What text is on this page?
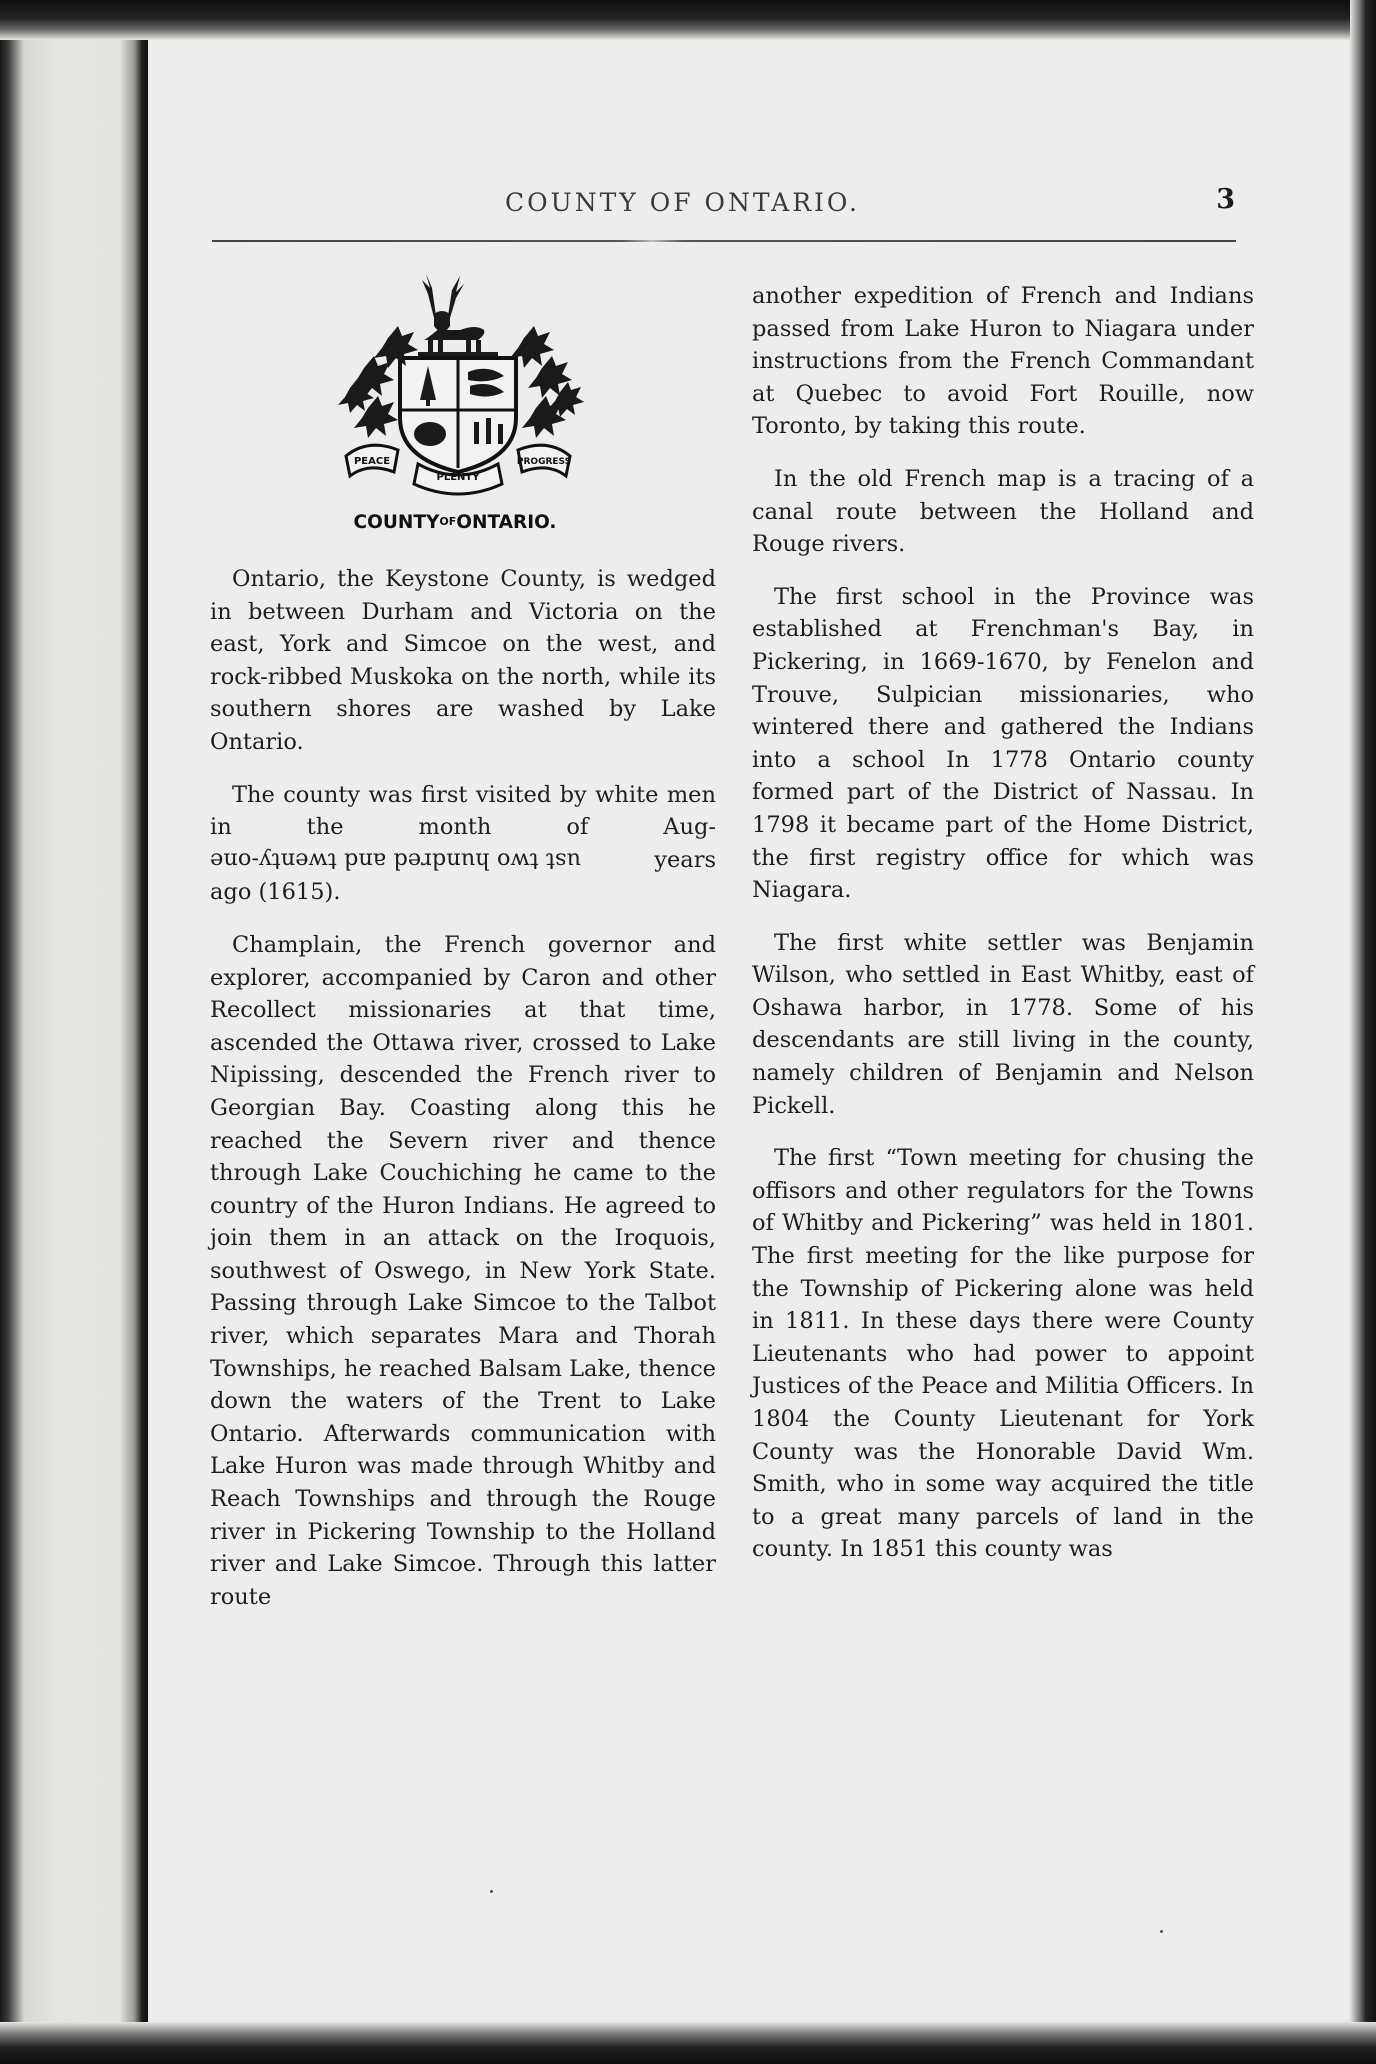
COUNTY OF ONTARIO.	3
PEACE
PLENTY
PROGRESS
COUNTYOFONTARIO.

Ontario, the Keystone County, is wedged in between Durham and Victoria on the east, York and Simcoe on the west, and rock-ribbed Muskoka on the north, while its southern shores are washed by Lake Ontario.

The county was first visited by white men in the month of Aug- ust two hundred and twenty-one	years ago (1615).

Champlain, the French governor and explorer, accompanied by Caron and other Recollect missionaries at that time, ascended the Ottawa river, crossed to Lake Nipissing, descended the French river to Georgian Bay. Coasting along this he reached the Severn river and thence through Lake Couchiching he came to the country of the Huron Indians. He agreed to join them in an attack on the Iroquois, southwest of Oswego, in New York State. Passing through Lake Simcoe to the Talbot river, which separates Mara and Thorah Townships, he reached Balsam Lake, thence down the waters of the Trent to Lake Ontario. Afterwards communication with Lake Huron was made through Whitby and Reach Townships and through the Rouge river in Pickering Township to the Holland river and Lake Simcoe. Through this latter route

another expedition of French and Indians passed from Lake Huron to Niagara under instructions from the French Commandant at Quebec to avoid Fort Rouille, now Toronto, by taking this route.

In the old French map is a tracing of a canal route between the Holland and Rouge rivers.

The first school in the Province was established at Frenchman's Bay, in Pickering, in 1669-1670, by Fenelon and Trouve, Sulpician missionaries, who wintered there and gathered the Indians into a school In 1778 Ontario county formed part of the District of Nassau. In 1798 it became part of the Home District, the first registry office for which was Niagara.

The first white settler was Benjamin Wilson, who settled in East Whitby, east of Oshawa harbor, in 1778. Some of his descendants are still living in the county, namely children of Benjamin and Nelson Pickell.

The first “Town meeting for chusing the offisors and other regulators for the Towns of Whitby and Pickering” was held in 1801. The first meeting for the like purpose for the Township of Pickering alone was held in 1811. In these days there were County Lieutenants who had power to appoint Justices of the Peace and Militia Officers. In 1804 the County Lieutenant for York County was the Honorable David Wm. Smith, who in some way acquired the title to a great many parcels of land in the county. In 1851 this county was
